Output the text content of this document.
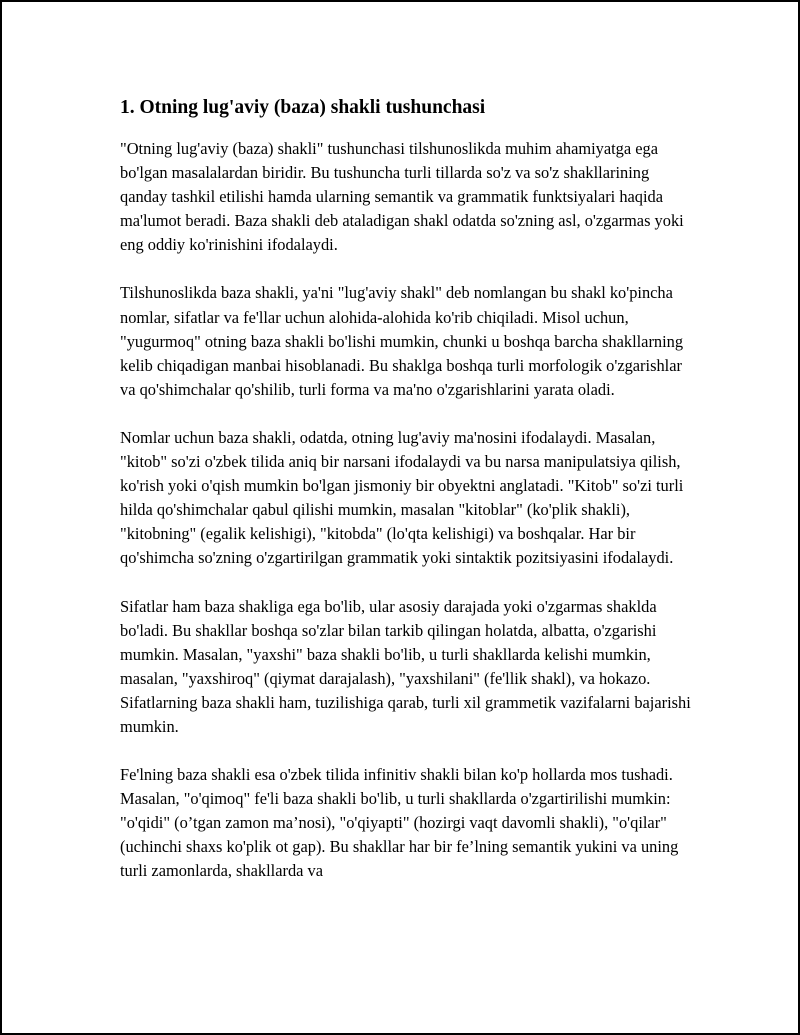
1. Otning lug'aviy (baza) shakli tushunchasi

"Otning lug'aviy (baza) shakli" tushunchasi tilshunoslikda muhim ahamiyatga ega bo'lgan masalalardan biridir. Bu tushuncha turli tillarda so'z va so'z shakllarining qanday tashkil etilishi hamda ularning semantik va grammatik funktsiyalari haqida ma'lumot beradi. Baza shakli deb ataladigan shakl odatda so'zning asl, o'zgarmas yoki eng oddiy ko'rinishini ifodalaydi.

Tilshunoslikda baza shakli, ya'ni "lug'aviy shakl" deb nomlangan bu shakl ko'pincha nomlar, sifatlar va fe'llar uchun alohida-alohida ko'rib chiqiladi. Misol uchun, "yugurmoq" otning baza shakli bo'lishi mumkin, chunki u boshqa barcha shakllarning kelib chiqadigan manbai hisoblanadi. Bu shaklga boshqa turli morfologik o'zgarishlar va qo'shimchalar qo'shilib, turli forma va ma'no o'zgarishlarini yarata oladi.

Nomlar uchun baza shakli, odatda, otning lug'aviy ma'nosini ifodalaydi. Masalan, "kitob" so'zi o'zbek tilida aniq bir narsani ifodalaydi va bu narsa manipulatsiya qilish, ko'rish yoki o'qish mumkin bo'lgan jismoniy bir obyektni anglatadi. "Kitob" so'zi turli hilda qo'shimchalar qabul qilishi mumkin, masalan "kitoblar" (ko'plik shakli), "kitobning" (egalik kelishigi), "kitobda" (lo'qta kelishigi) va boshqalar. Har bir qo'shimcha so'zning o'zgartirilgan grammatik yoki sintaktik pozitsiyasini ifodalaydi.

Sifatlar ham baza shakliga ega bo'lib, ular asosiy darajada yoki o'zgarmas shaklda bo'ladi. Bu shakllar boshqa so'zlar bilan tarkib qilingan holatda, albatta, o'zgarishi mumkin. Masalan, "yaxshi" baza shakli bo'lib, u turli shakllarda kelishi mumkin, masalan, "yaxshiroq" (qiymat darajalash), "yaxshilani" (fe'llik shakl), va hokazo. Sifatlarning baza shakli ham, tuzilishiga qarab, turli xil grammetik vazifalarni bajarishi mumkin.

Fe'lning baza shakli esa o'zbek tilida infinitiv shakli bilan ko'p hollarda mos tushadi. Masalan, "o'qimoq" fe'li baza shakli bo'lib, u turli shakllarda o'zgartirilishi mumkin: "o'qidi" (o’tgan zamon ma’nosi), "o'qiyapti" (hozirgi vaqt davomli shakli), "o'qilar" (uchinchi shaxs ko'plik ot gap). Bu shakllar har bir fe’lning semantik yukini va uning turli zamonlarda, shakllarda va
